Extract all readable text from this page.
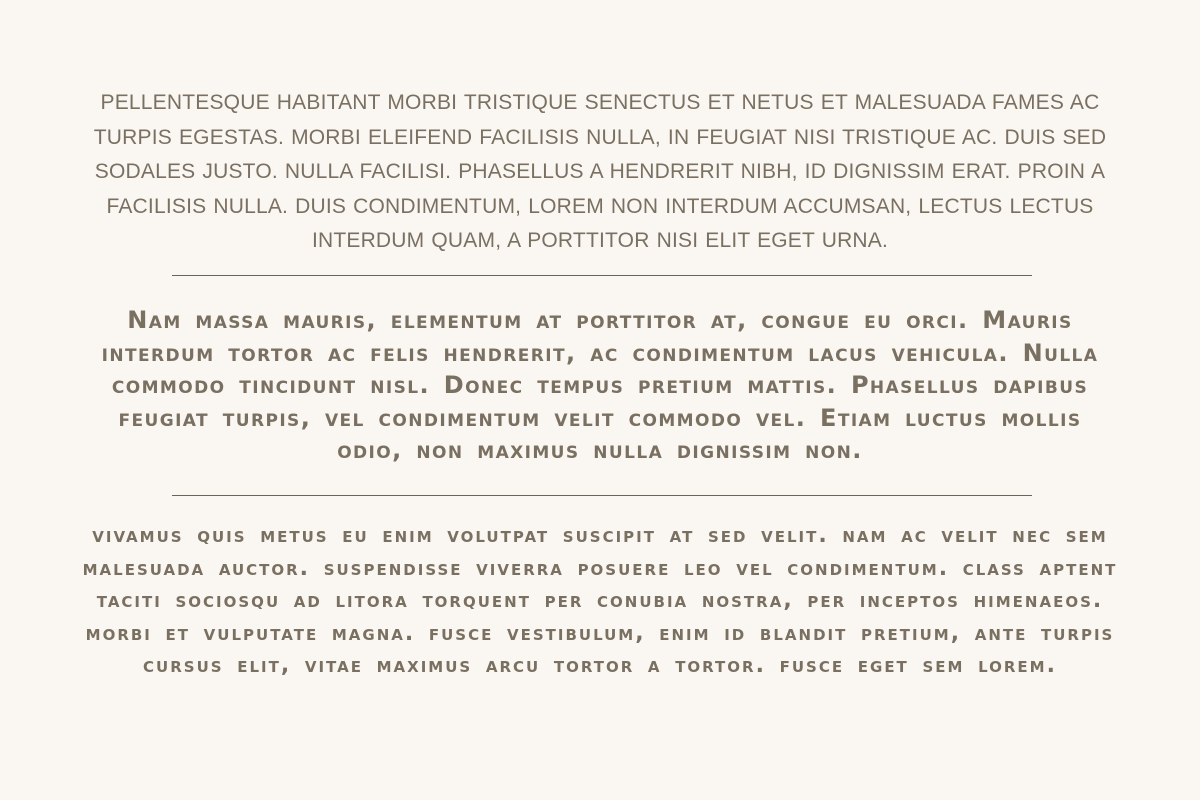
PELLENTESQUE HABITANT MORBI TRISTIQUE SENECTUS ET NETUS ET MALESUADA FAMES AC TURPIS EGESTAS. MORBI ELEIFEND FACILISIS NULLA, IN FEUGIAT NISI TRISTIQUE AC. DUIS SED SODALES JUSTO. NULLA FACILISI. PHASELLUS A HENDRERIT NIBH, ID DIGNISSIM ERAT. PROIN A FACILISIS NULLA. DUIS CONDIMENTUM, LOREM NON INTERDUM ACCUMSAN, LECTUS LECTUS INTERDUM QUAM, A PORTTITOR NISI ELIT EGET URNA.

Nam massa mauris, elementum at porttitor at, congue eu orci. Mauris interdum tortor ac felis hendrerit, ac condimentum lacus vehicula. Nulla commodo tincidunt nisl. Donec tempus pretium mattis. Phasellus dapibus feugiat turpis, vel condimentum velit commodo vel. Etiam luctus mollis odio, non maximus nulla dignissim non.

vivamus quis metus eu enim volutpat suscipit at sed velit. nam ac velit nec sem malesuada auctor. suspendisse viverra posuere leo vel condimentum. class aptent taciti sociosqu ad litora torquent per conubia nostra, per inceptos himenaeos. morbi et vulputate magna. fusce vestibulum, enim id blandit pretium, ante turpis cursus elit, vitae maximus arcu tortor a tortor. fusce eget sem lorem.
